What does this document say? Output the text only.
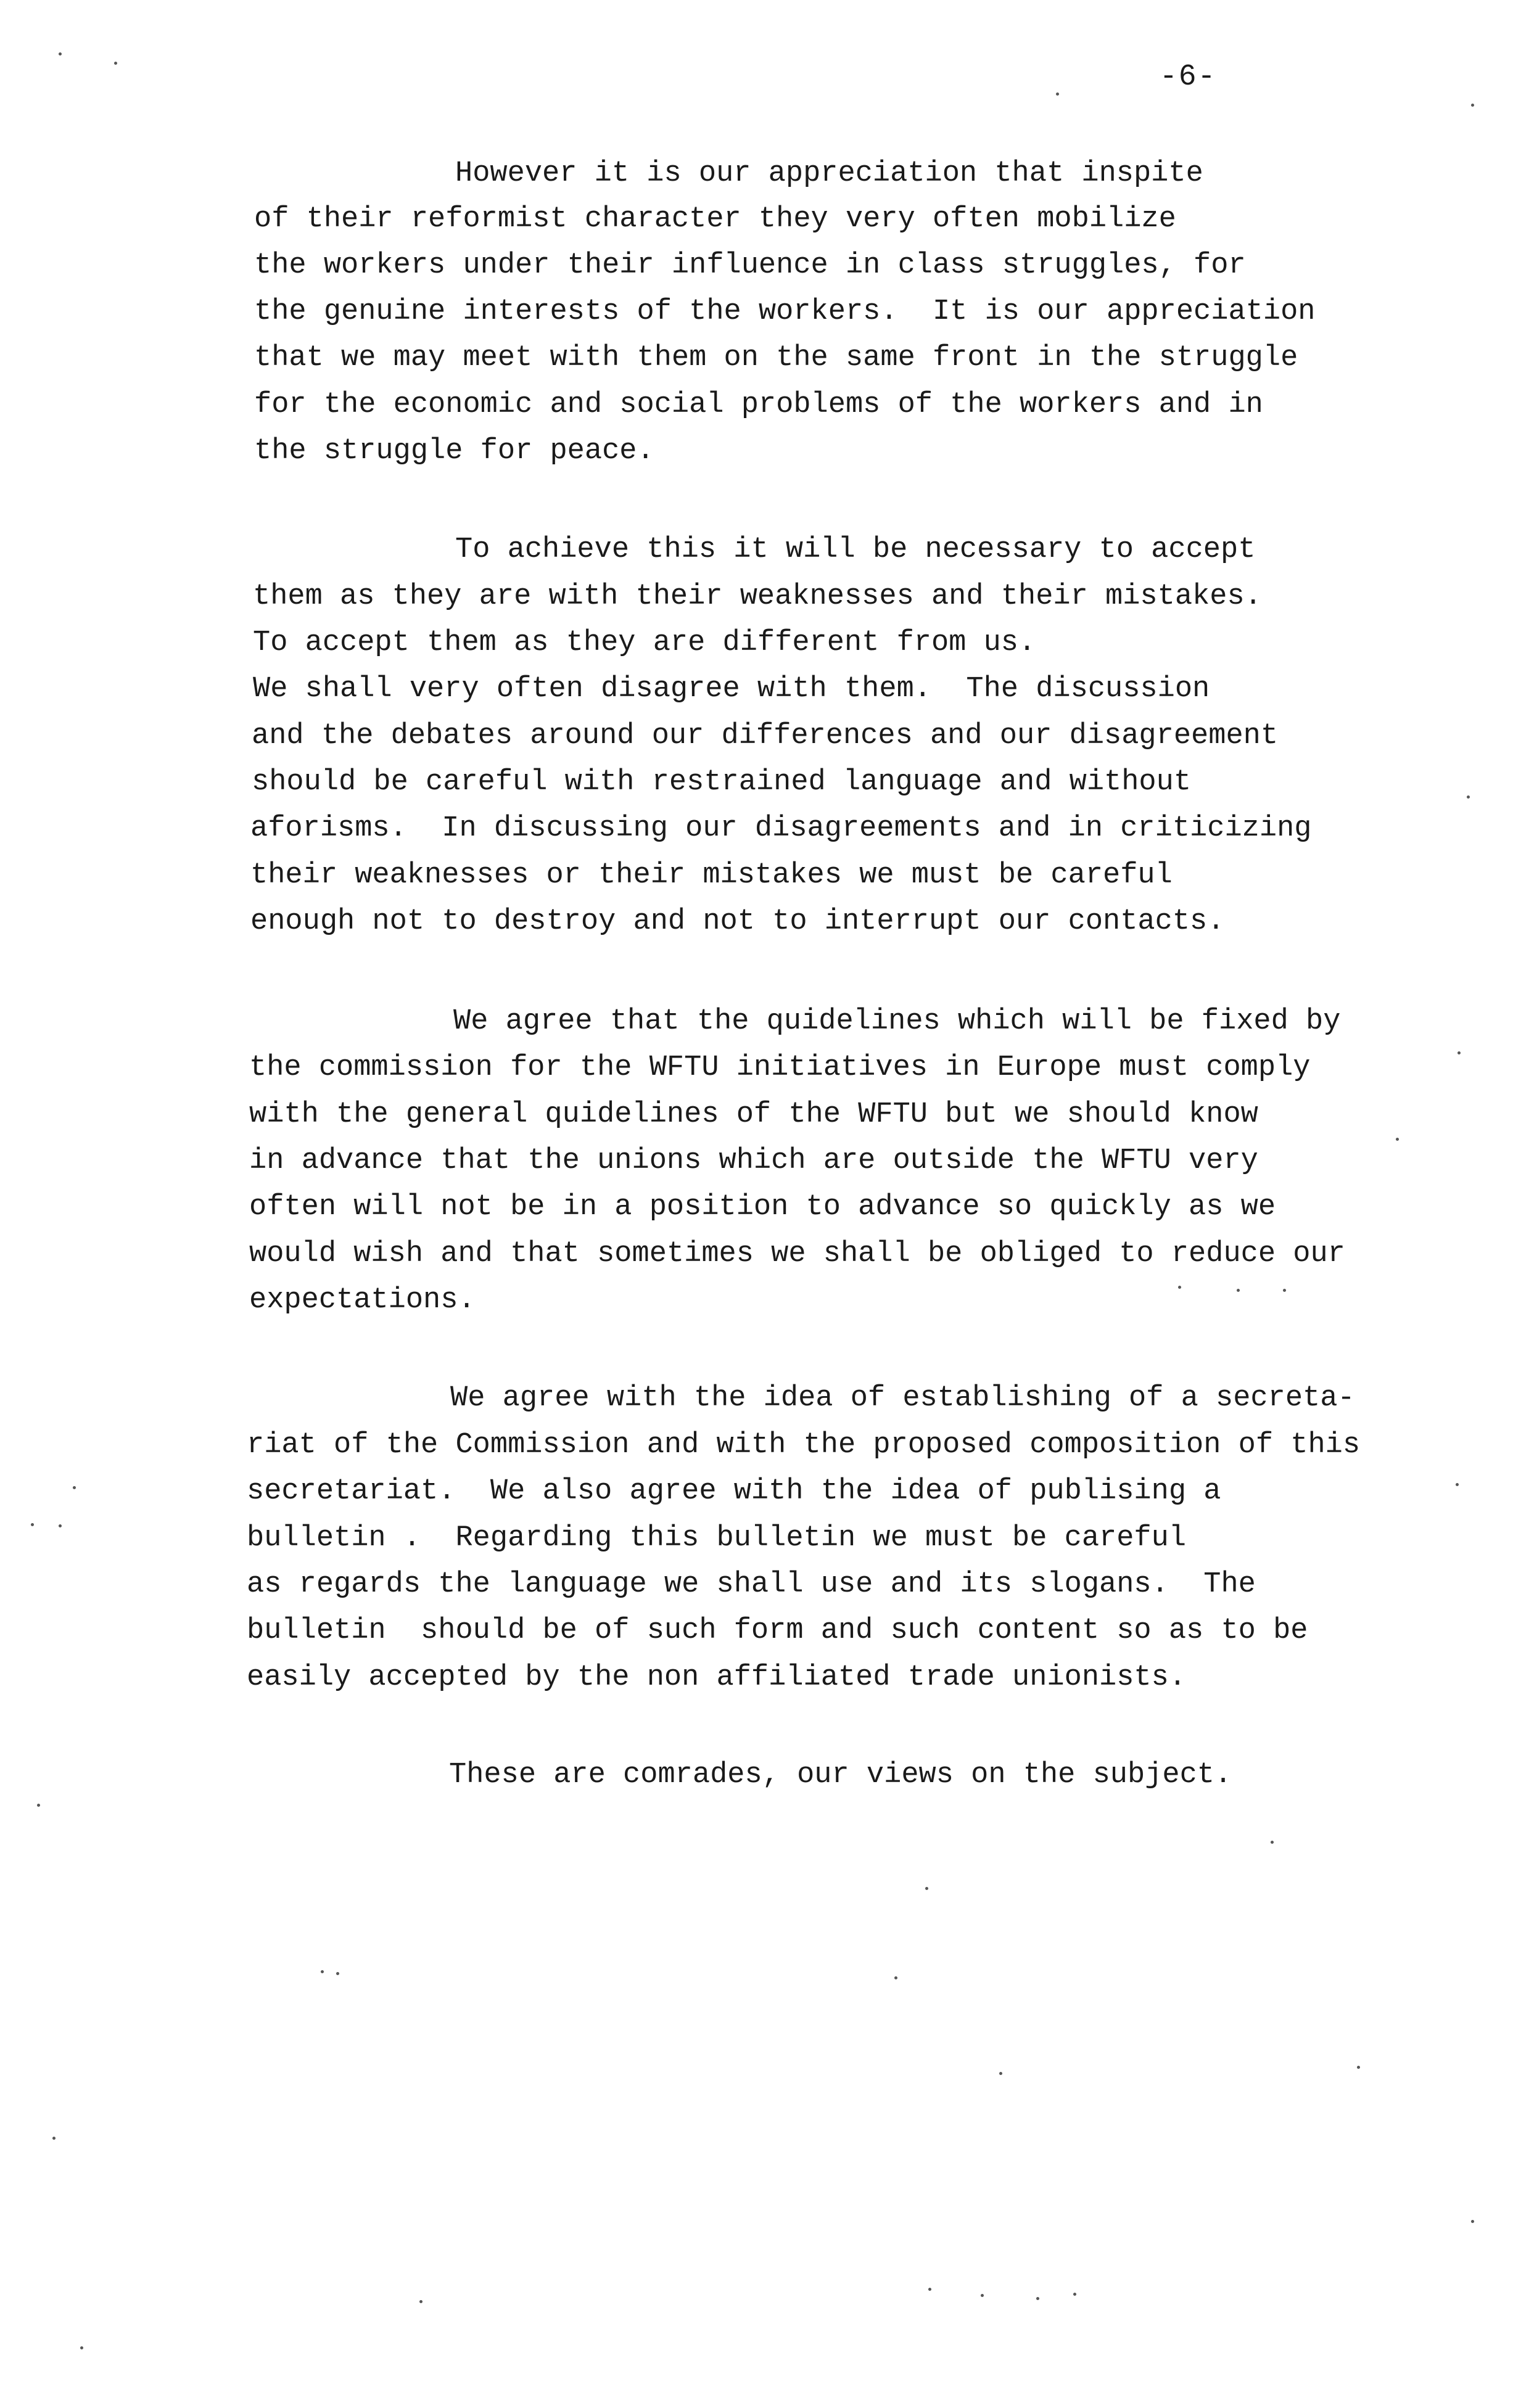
-6-
However it is our appreciation that inspite
of their reformist character they very often mobilize
the workers under their influence in class struggles, for
the genuine interests of the workers.  It is our appreciation
that we may meet with them on the same front in the struggle
for the economic and social problems of the workers and in
the struggle for peace.
To achieve this it will be necessary to accept
them as they are with their weaknesses and their mistakes.
To accept them as they are different from us.
We shall very often disagree with them.  The discussion
and the debates around our differences and our disagreement
should be careful with restrained language and without
aforisms.  In discussing our disagreements and in criticizing
their weaknesses or their mistakes we must be careful
enough not to destroy and not to interrupt our contacts.
We agree that the quidelines which will be fixed by
the commission for the WFTU initiatives in Europe must comply
with the general quidelines of the WFTU but we should know
in advance that the unions which are outside the WFTU very
often will not be in a position to advance so quickly as we
would wish and that sometimes we shall be obliged to reduce our
expectations.
We agree with the idea of establishing of a secreta-
riat of the Commission and with the proposed composition of this
secretariat.  We also agree with the idea of publising a
bulletin .  Regarding this bulletin we must be careful
as regards the language we shall use and its slogans.  The
bulletin  should be of such form and such content so as to be
easily accepted by the non affiliated trade unionists.
These are comrades, our views on the subject.
